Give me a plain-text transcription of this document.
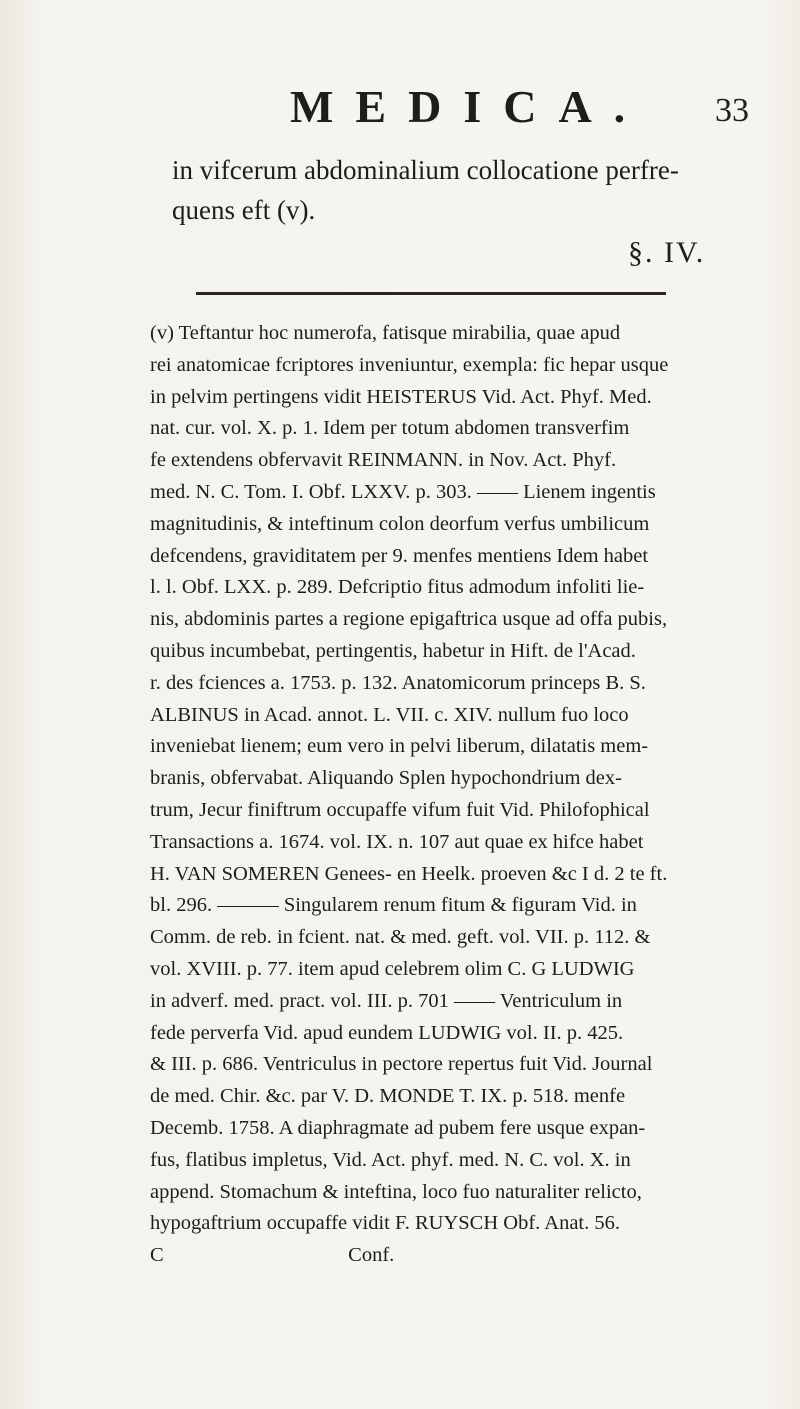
MEDICA. 33
in vifcerum abdominalium collocatione perfre-
quens eft (v).
§. IV.
(v) Teftantur hoc numerofa, fatisque mirabilia, quae apud
rei anatomicae fcriptores inveniuntur, exempla: fic hepar usque
in pelvim pertingens vidit HEISTERUS Vid. Act. Phyf. Med.
nat. cur. vol. X. p. 1. Idem per totum abdomen transverfim
fe extendens obfervavit REINMANN. in Nov. Act. Phyf.
med. N. C. Tom. I. Obf. LXXV. p. 303. —— Lienem ingentis
magnitudinis, & inteftinum colon deorfum verfus umbilicum
defcendens, graviditatem per 9. menfes mentiens Idem habet
l. l. Obf. LXX. p. 289. Defcriptio fitus admodum infoliti lie-
nis, abdominis partes a regione epigaftrica usque ad offa pubis,
quibus incumbebat, pertingentis, habetur in Hift. de l'Acad.
r. des fciences a. 1753. p. 132. Anatomicorum princeps B. S.
ALBINUS in Acad. annot. L. VII. c. XIV. nullum fuo loco
inveniebat lienem; eum vero in pelvi liberum, dilatatis mem-
branis, obfervabat. Aliquando Splen hypochondrium dex-
trum, Jecur finiftrum occupaffe vifum fuit Vid. Philofophical
Transactions a. 1674. vol. IX. n. 107 aut quae ex hifce habet
H. VAN SOMEREN Genees- en Heelk. proeven &c I d. 2 te ft.
bl. 296. ——— Singularem renum fitum & figuram Vid. in
Comm. de reb. in fcient. nat. & med. geft. vol. VII. p. 112. &
vol. XVIII. p. 77. item apud celebrem olim C. G LUDWIG
in adverf. med. pract. vol. III. p. 701 —— Ventriculum in
fede perverfa Vid. apud eundem LUDWIG vol. II. p. 425.
& III. p. 686. Ventriculus in pectore repertus fuit Vid. Journal
de med. Chir. &c. par V. D. MONDE T. IX. p. 518. menfe
Decemb. 1758. A diaphragmate ad pubem fere usque expan-
fus, flatibus impletus, Vid. Act. phyf. med. N. C. vol. X. in
append. Stomachum & inteftina, loco fuo naturaliter relicto,
hypogaftrium occupaffe vidit F. RUYSCH Obf. Anat. 56.
C                                    Conf.
